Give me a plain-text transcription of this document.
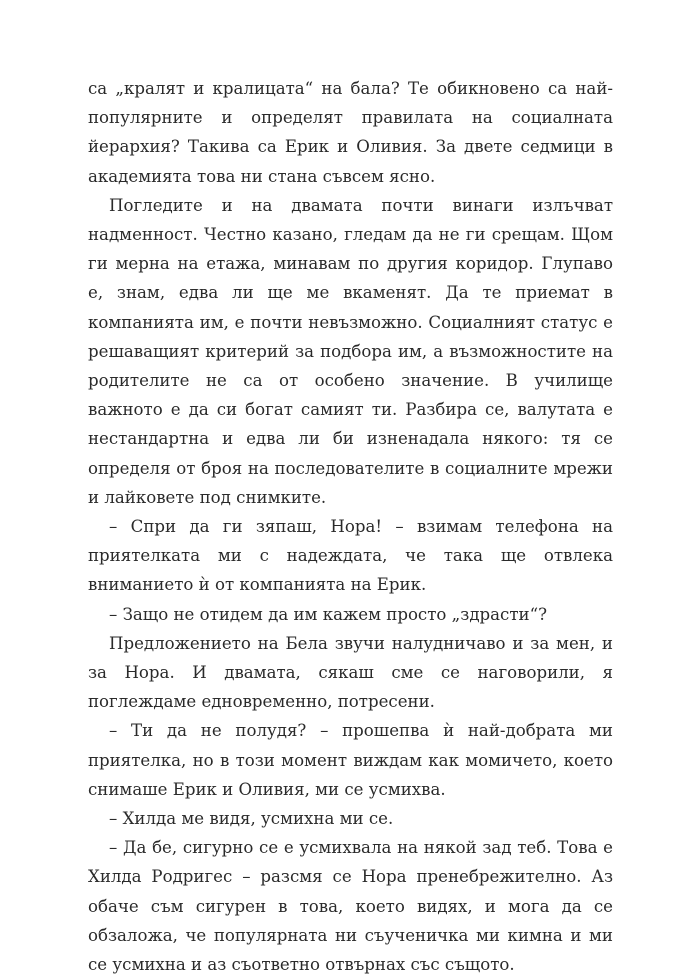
са „кралят и кралицата“ на бала? Те обикновено са най-популярните и определят правилата на социалната йерархия? Такива са Ерик и Оливия. За двете седмици в академията това ни стана съвсем ясно.

Погледите и на двамата почти винаги излъчват надменност. Честно казано, гледам да не ги срещам. Щом ги мерна на етажа, минавам по другия коридор. Глупаво е, знам, едва ли ще ме вкаменят. Да те приемат в компанията им, е почти невъзможно. Социалният статус е решаващият критерий за подбора им, а възможностите на родителите не са от особено значение. В училище важното е да си богат самият ти. Разбира се, валутата е нестандартна и едва ли би изненадала някого: тя се определя от броя на последователите в социалните мрежи и лайковете под снимките.

– Спри да ги зяпаш, Нора! – взимам телефона на приятелката ми с надеждата, че така ще отвлека вниманието ѝ от компанията на Ерик.

– Защо не отидем да им кажем просто „здрасти“?

Предложението на Бела звучи налудничаво и за мен, и за Нора. И двамата, сякаш сме се наговорили, я поглеждаме едновременно, потресени.

– Ти да не полудя? – прошепва ѝ най-добрата ми приятелка, но в този момент виждам как момичето, което снимаше Ерик и Оливия, ми се усмихва.

– Хилда ме видя, усмихна ми се.

– Да бе, сигурно се е усмихвала на някой зад теб. Това е Хилда Родригес – разсмя се Нора пренебрежително. Аз обаче съм сигурен в това, което видях, и мога да се обзаложа, че популярната ни съученичка ми кимна и ми се усмихна и аз съответно отвърнах със същото.
